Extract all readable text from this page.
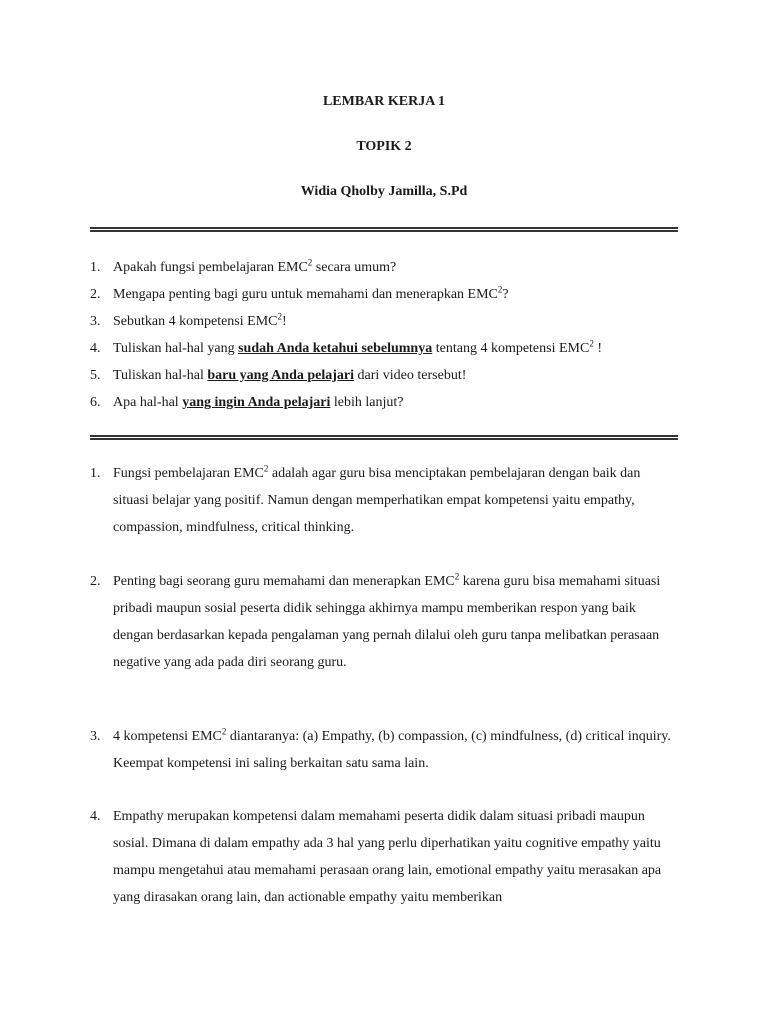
LEMBAR KERJA 1
TOPIK 2
Widia Qholby Jamilla, S.Pd
1. Apakah fungsi pembelajaran EMC$^2$ secara umum?
2. Mengapa penting bagi guru untuk memahami dan menerapkan EMC$^2$?
3. Sebutkan 4 kompetensi EMC$^2$!
4. Tuliskan hal-hal yang sudah Anda ketahui sebelumnya tentang 4 kompetensi EMC$^2$ !
5. Tuliskan hal-hal baru yang Anda pelajari dari video tersebut!
6. Apa hal-hal yang ingin Anda pelajari lebih lanjut?
1. Fungsi pembelajaran EMC$^2$ adalah agar guru bisa menciptakan pembelajaran dengan baik dan situasi belajar yang positif. Namun dengan memperhatikan empat kompetensi yaitu empathy, compassion, mindfulness, critical thinking.
2. Penting bagi seorang guru memahami dan menerapkan EMC$^2$ karena guru bisa memahami situasi pribadi maupun sosial peserta didik sehingga akhirnya mampu memberikan respon yang baik dengan berdasarkan kepada pengalaman yang pernah dilalui oleh guru tanpa melibatkan perasaan negative yang ada pada diri seorang guru.
3. 4 kompetensi EMC$^2$ diantaranya: (a) Empathy, (b) compassion, (c) mindfulness, (d) critical inquiry. Keempat kompetensi ini saling berkaitan satu sama lain.
4. Empathy merupakan kompetensi dalam memahami peserta didik dalam situasi pribadi maupun sosial. Dimana di dalam empathy ada 3 hal yang perlu diperhatikan yaitu cognitive empathy yaitu mampu mengetahui atau memahami perasaan orang lain, emotional empathy yaitu merasakan apa yang dirasakan orang lain, dan actionable empathy yaitu memberikan
